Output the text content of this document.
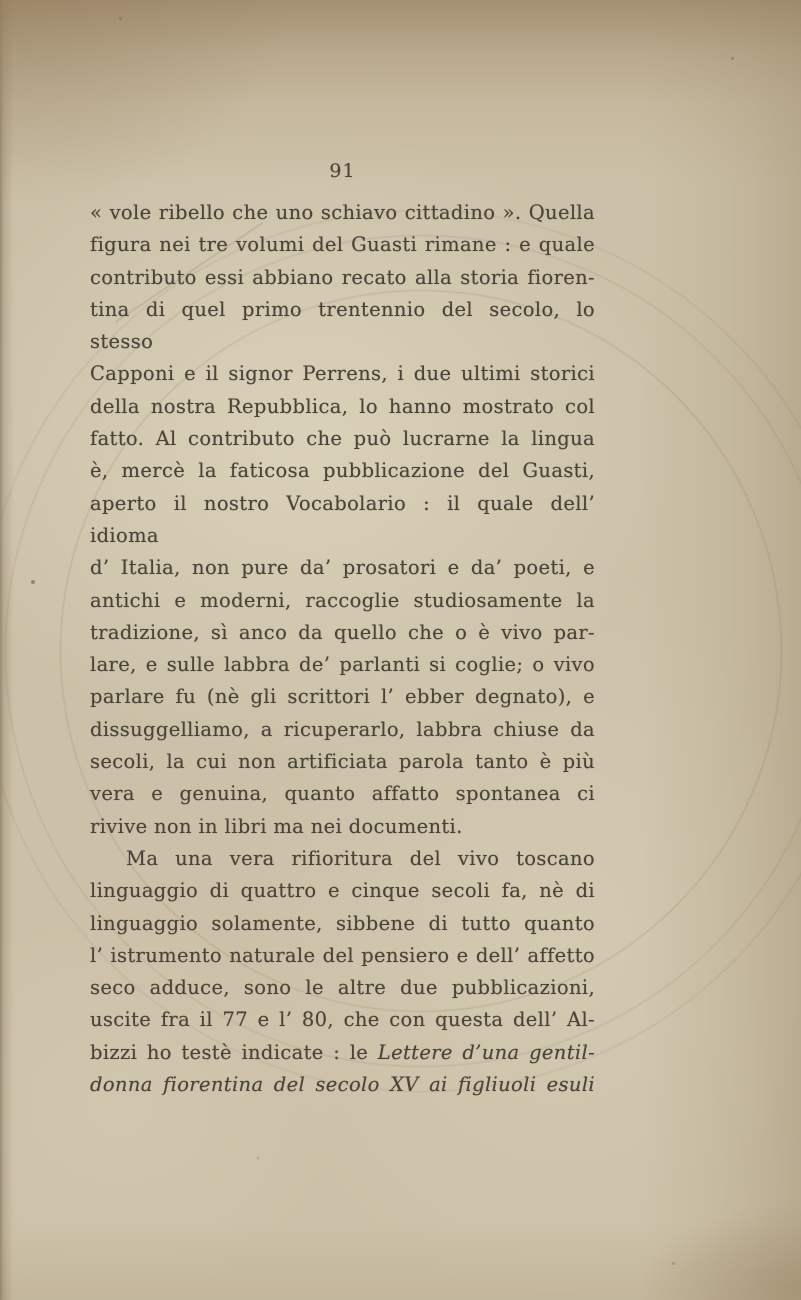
91
« vole ribello che uno schiavo cittadino ». Quella
figura nei tre volumi del Guasti rimane : e quale
contributo essi abbiano recato alla storia fioren-
tina di quel primo trentennio del secolo, lo stesso
Capponi e il signor Perrens, i due ultimi storici
della nostra Repubblica, lo hanno mostrato col
fatto. Al contributo che può lucrarne la lingua
è, mercè la faticosa pubblicazione del Guasti,
aperto il nostro Vocabolario : il quale dell’ idioma
d’ Italia, non pure da’ prosatori e da’ poeti, e
antichi e moderni, raccoglie studiosamente la
tradizione, sì anco da quello che o è vivo par-
lare, e sulle labbra de’ parlanti si coglie; o vivo
parlare fu (nè gli scrittori l’ ebber degnato), e
dissuggelliamo, a ricuperarlo, labbra chiuse da
secoli, la cui non artificiata parola tanto è più
vera e genuina, quanto affatto spontanea ci
rivive non in libri ma nei documenti.
Ma una vera rifioritura del vivo toscano
linguaggio di quattro e cinque secoli fa, nè di
linguaggio solamente, sibbene di tutto quanto
l’ istrumento naturale del pensiero e dell’ affetto
seco adduce, sono le altre due pubblicazioni,
uscite fra il 77 e l’ 80, che con questa dell’ Al-
bizzi ho testè indicate : le Lettere d’una gentil-
donna fiorentina del secolo XV ai figliuoli esuli
